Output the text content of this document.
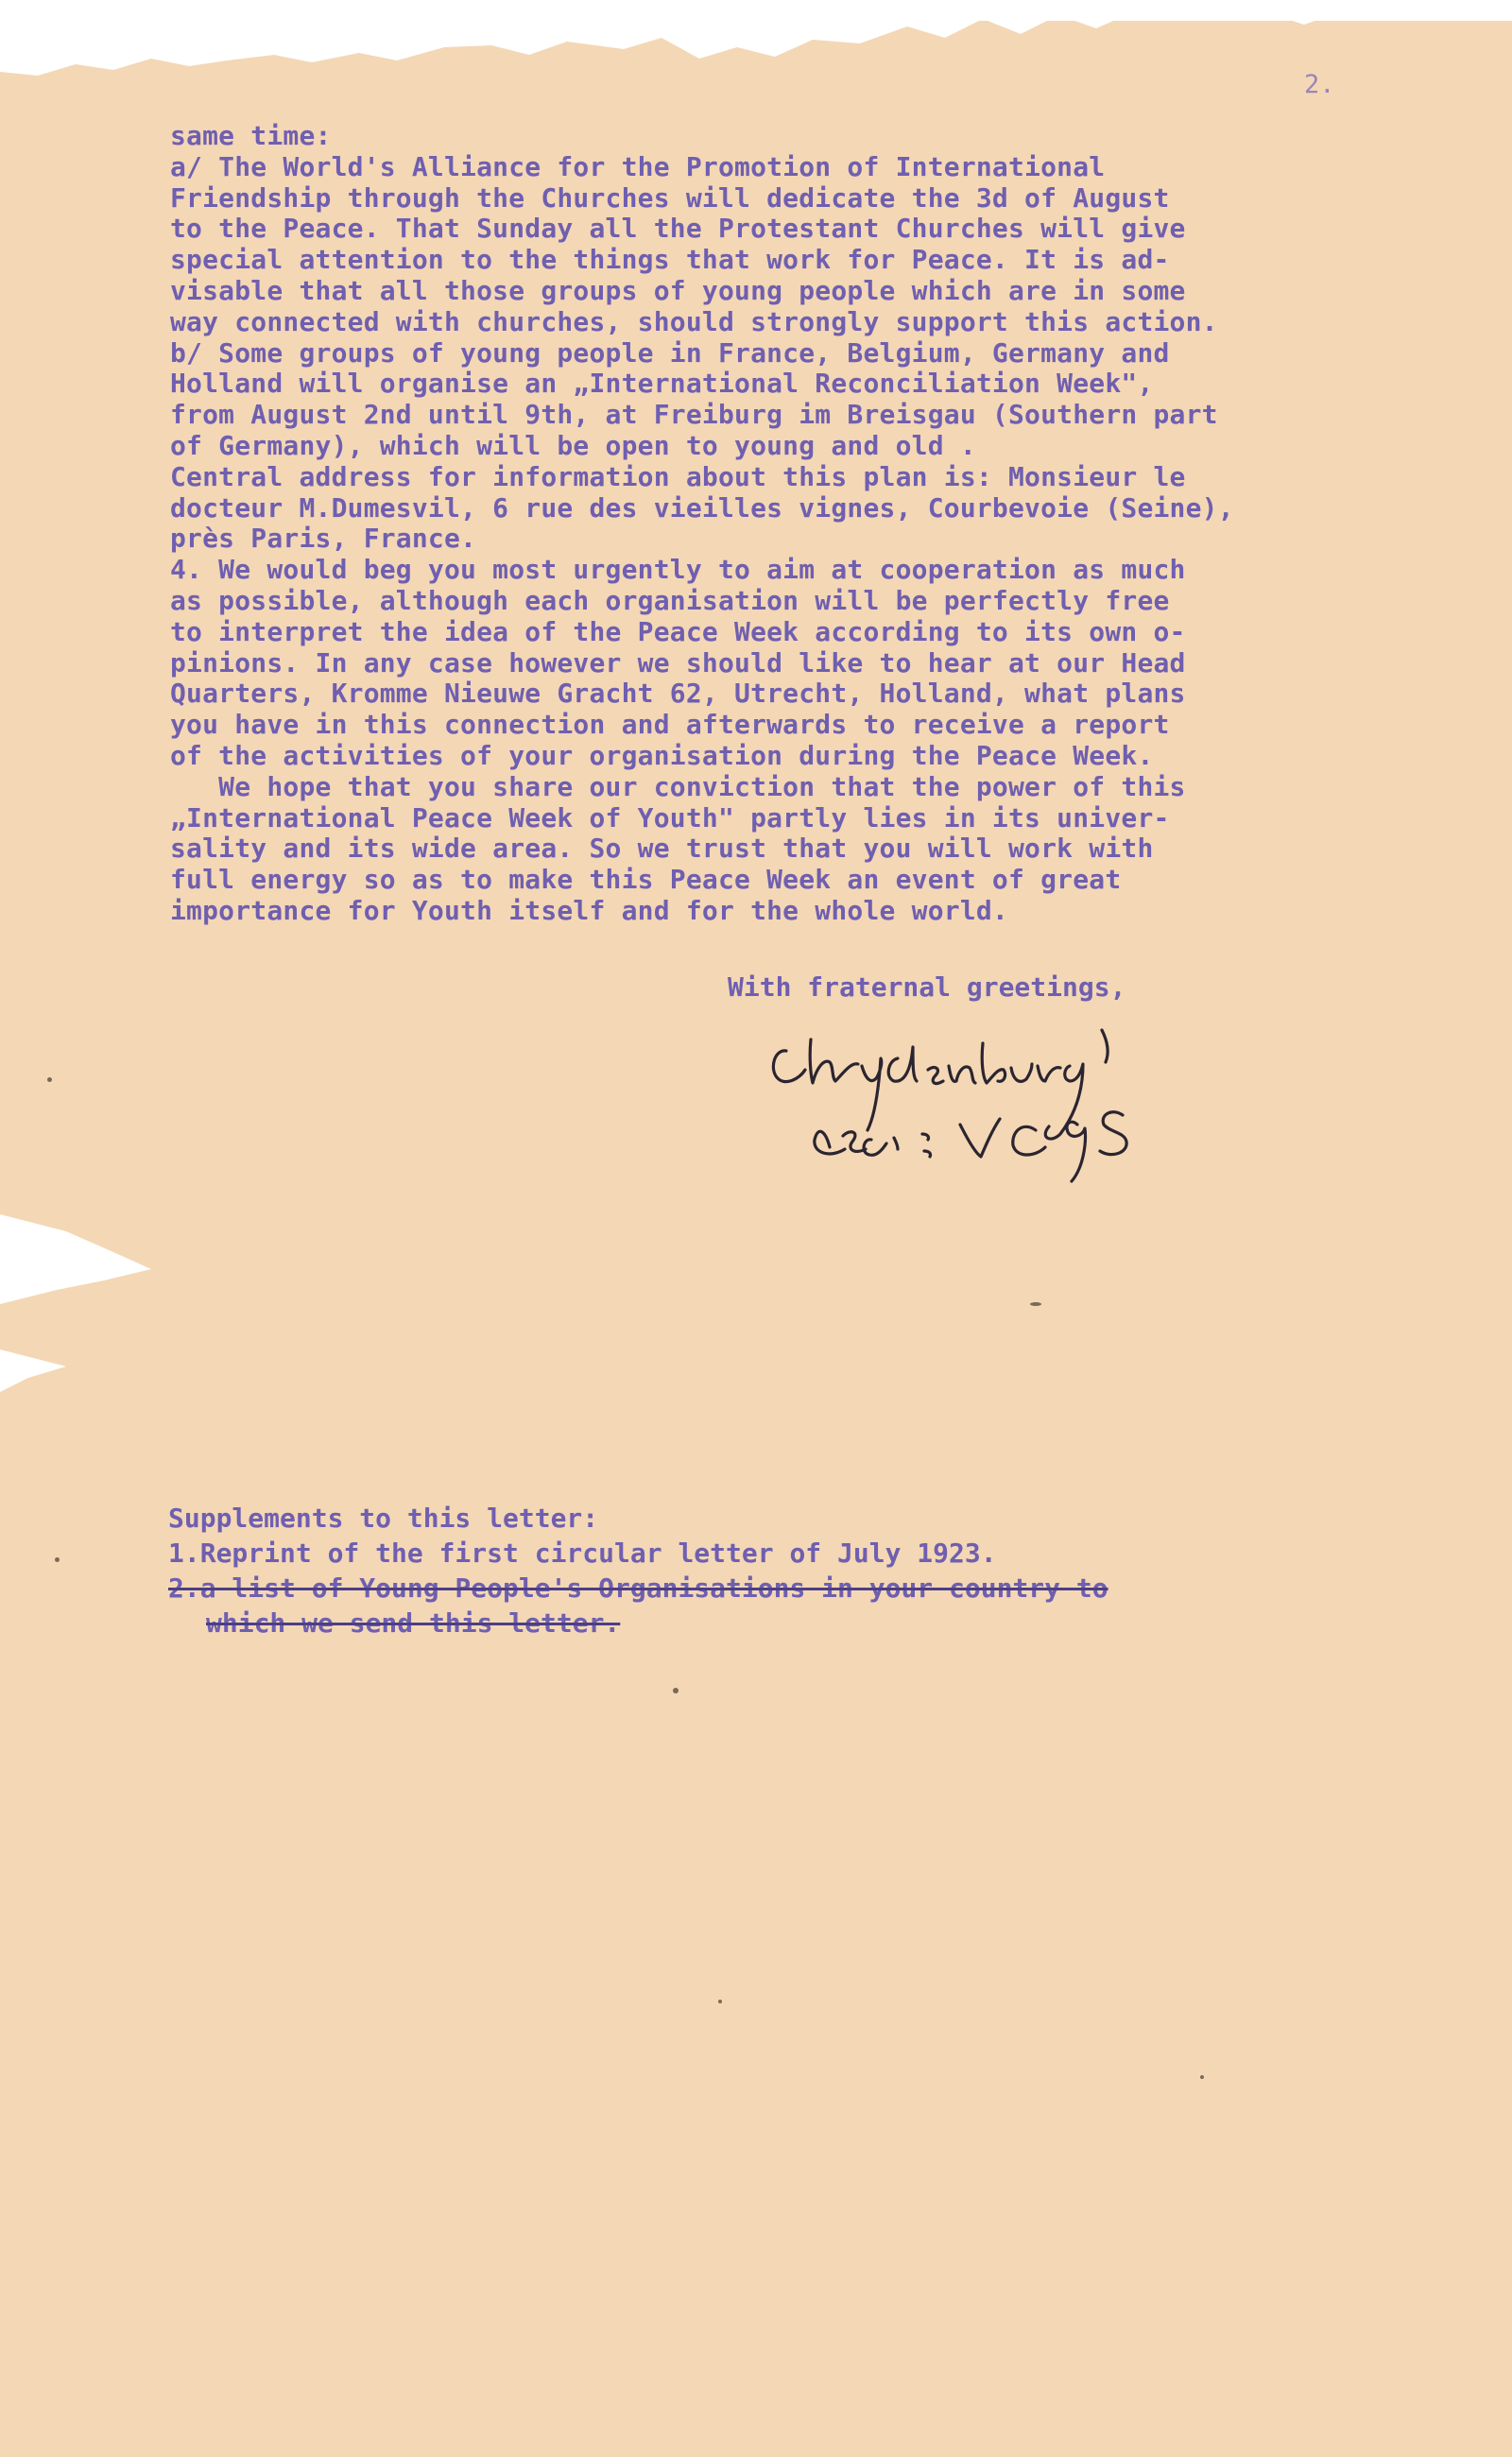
2.
same time:
a/ The World's Alliance for the Promotion of International
Friendship through the Churches will dedicate the 3d of August
to the Peace. That Sunday all the Protestant Churches will give
special attention to the things that work for Peace. It is ad-
visable that all those groups of young people which are in some
way connected with churches, should strongly support this action.
b/ Some groups of young people in France, Belgium, Germany and
Holland will organise an „International Reconciliation Week",
from August 2nd until 9th, at Freiburg im Breisgau (Southern part
of Germany), which will be open to young and old .
Central address for information about this plan is: Monsieur le
docteur M.Dumesvil, 6 rue des vieilles vignes, Courbevoie (Seine),
près Paris, France.
4. We would beg you most urgently to aim at cooperation as much
as possible, although each organisation will be perfectly free
to interpret the idea of the Peace Week according to its own o-
pinions. In any case however we should like to hear at our Head
Quarters, Kromme Nieuwe Gracht 62, Utrecht, Holland, what plans
you have in this connection and afterwards to receive a report
of the activities of your organisation during the Peace Week.
We hope that you share our conviction that the power of this
„International Peace Week of Youth" partly lies in its univer-
sality and its wide area. So we trust that you will work with
full energy so as to make this Peace Week an event of great
importance for Youth itself and for the whole world.
With fraternal greetings,
Supplements to this letter:
1.Reprint of the first circular letter of July 1923.
2.a list of Young People's Organisations in your country to
which we send this letter.
